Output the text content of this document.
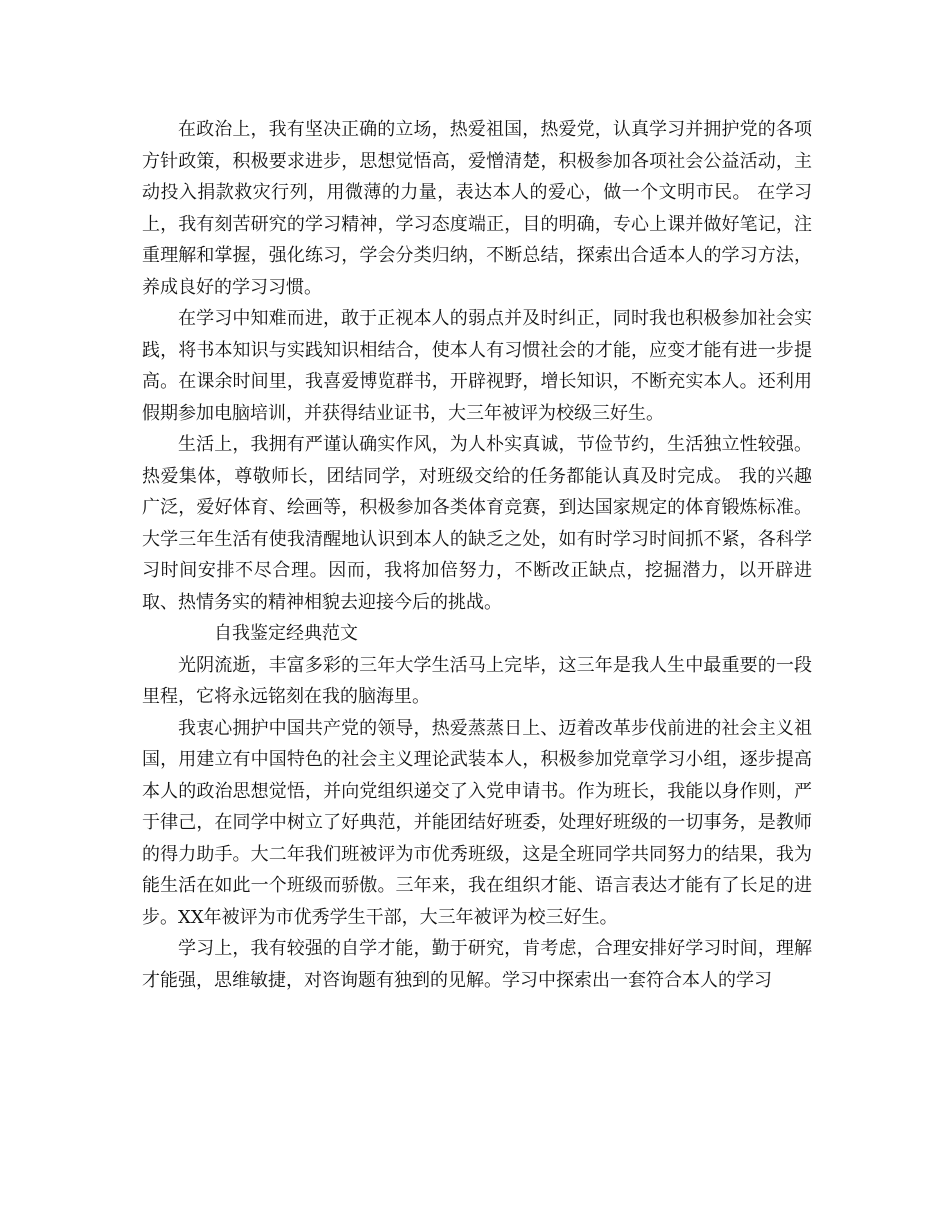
在政治上，我有坚决正确的立场，热爱祖国，热爱党，认真学习并拥护党的各项方针政策，积极要求进步，思想觉悟高，爱憎清楚，积极参加各项社会公益活动，主动投入捐款救灾行列，用微薄的力量，表达本人的爱心，做一个文明市民。 在学习上，我有刻苦研究的学习精神，学习态度端正，目的明确，专心上课并做好笔记，注重理解和掌握，强化练习，学会分类归纳，不断总结，探索出合适本人的学习方法，养成良好的学习习惯。

在学习中知难而进，敢于正视本人的弱点并及时纠正，同时我也积极参加社会实践，将书本知识与实践知识相结合，使本人有习惯社会的才能，应变才能有进一步提高。在课余时间里，我喜爱博览群书，开辟视野，增长知识，不断充实本人。还利用假期参加电脑培训，并获得结业证书，大三年被评为校级三好生。

生活上，我拥有严谨认确实作风，为人朴实真诚，节俭节约，生活独立性较强。热爱集体，尊敬师长，团结同学，对班级交给的任务都能认真及时完成。 我的兴趣广泛，爱好体育、绘画等，积极参加各类体育竞赛，到达国家规定的体育锻炼标准。 大学三年生活有使我清醒地认识到本人的缺乏之处，如有时学习时间抓不紧，各科学习时间安排不尽合理。因而，我将加倍努力，不断改正缺点，挖掘潜力，以开辟进取、热情务实的精神相貌去迎接今后的挑战。

自我鉴定经典范文

光阴流逝，丰富多彩的三年大学生活马上完毕，这三年是我人生中最重要的一段里程，它将永远铭刻在我的脑海里。

我衷心拥护中国共产党的领导，热爱蒸蒸日上、迈着改革步伐前进的社会主义祖国，用建立有中国特色的社会主义理论武装本人，积极参加党章学习小组，逐步提高本人的政治思想觉悟，并向党组织递交了入党申请书。作为班长，我能以身作则，严于律己，在同学中树立了好典范，并能团结好班委，处理好班级的一切事务，是教师的得力助手。大二年我们班被评为市优秀班级，这是全班同学共同努力的结果，我为能生活在如此一个班级而骄傲。三年来，我在组织才能、语言表达才能有了长足的进步。XX年被评为市优秀学生干部，大三年被评为校三好生。

学习上，我有较强的自学才能，勤于研究，肯考虑，合理安排好学习时间，理解才能强，思维敏捷，对咨询题有独到的见解。学习中探索出一套符合本人的学习
